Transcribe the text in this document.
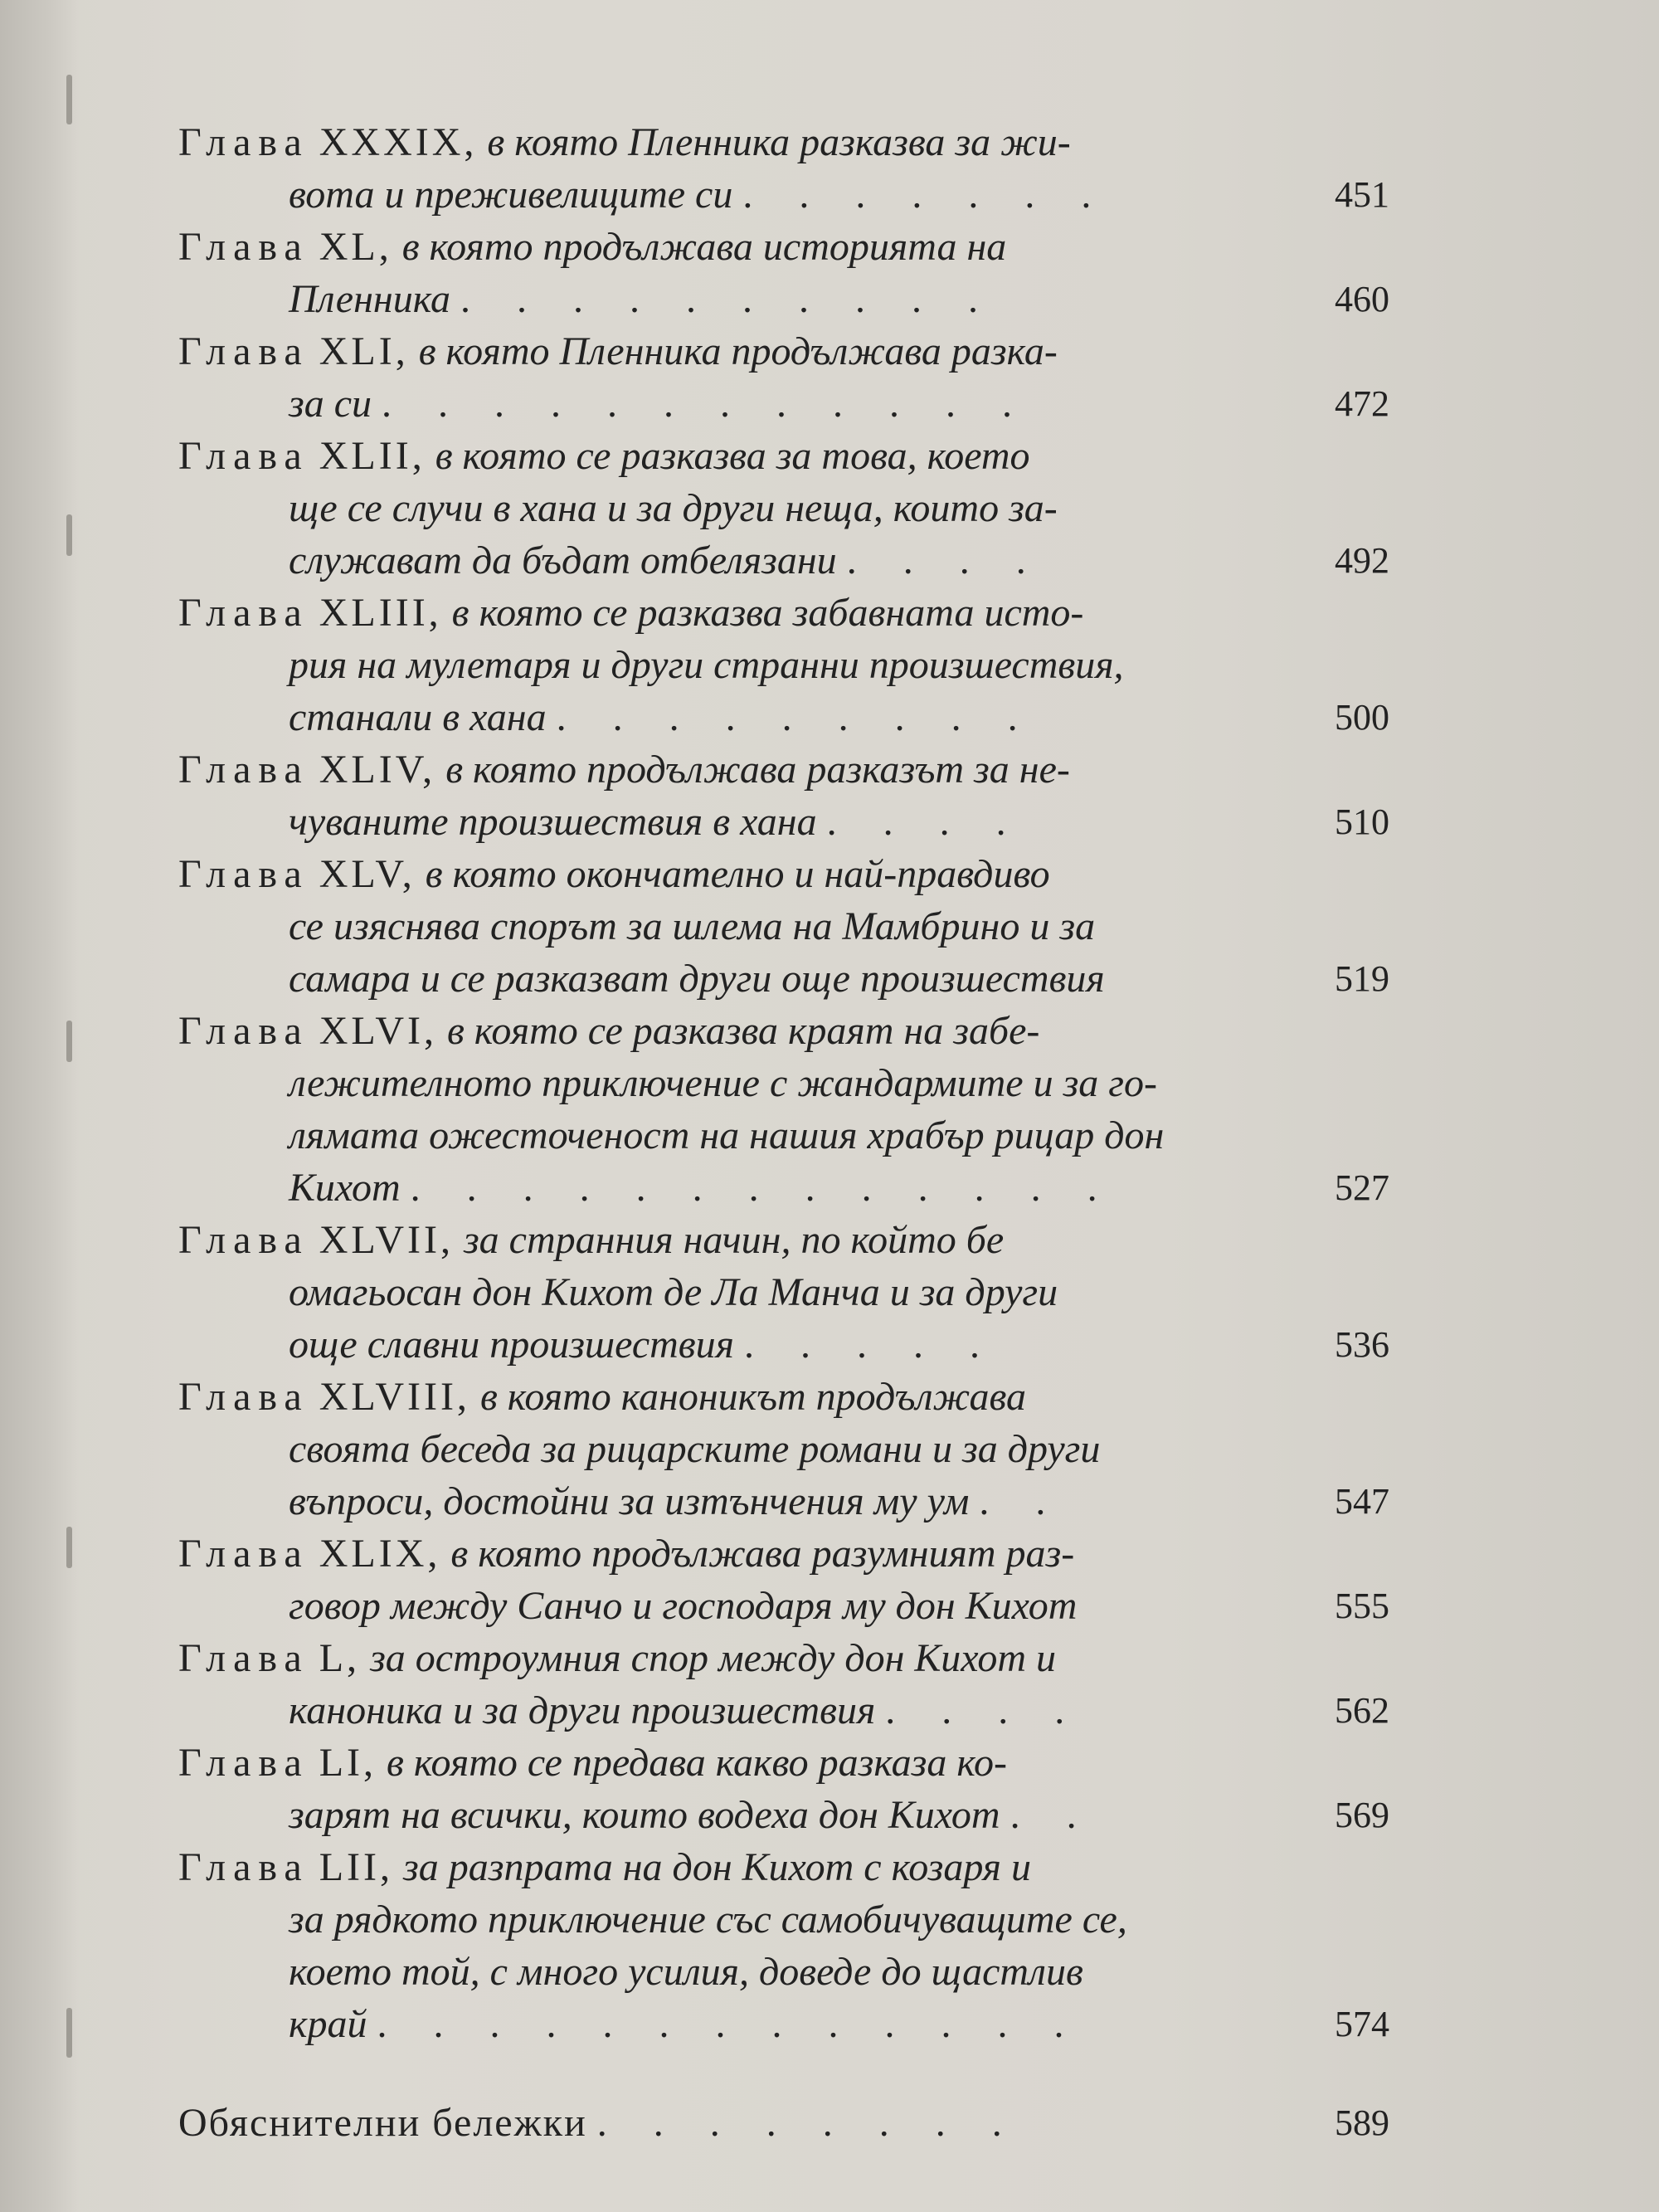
Глава XXXIX, в която Пленника разказва за жи-
вота и преживелиците си . . . . . . .	451
Глава XL, в която продължава историята на
Пленника . . . . . . . . . .	460
Глава XLI, в която Пленника продължава разка-
за си . . . . . . . . . . . .	472
Глава XLII, в която се разказва за това, което
ще се случи в хана и за други неща, които за-
служават да бъдат отбелязани . . . .	492
Глава XLIII, в която се разказва забавната исто-
рия на мулетаря и други странни произшествия,
станали в хана . . . . . . . . .	500
Глава XLIV, в която продължава разказът за не-
чуваните произшествия в хана . . . .	510
Глава XLV, в която окончателно и най-правдиво
се изяснява спорът за шлема на Мамбрино и за
самара и се разказват други още произшествия	519
Глава XLVI, в която се разказва краят на забе-
лежителното приключение с жандармите и за го-
лямата ожесточеност на нашия храбър рицар дон
Кихот . . . . . . . . . . . . .	527
Глава XLVII, за странния начин, по който бе
омагьосан дон Кихот де Ла Манча и за други
още славни произшествия . . . . .	536
Глава XLVIII, в която каноникът продължава
своята беседа за рицарските романи и за други
въпроси, достойни за изтънчения му ум . .	547
Глава XLIX, в която продължава разумният раз-
говор между Санчо и господаря му дон Кихот	555
Глава L, за остроумния спор между дон Кихот и
каноника и за други произшествия . . . .	562
Глава LI, в която се предава какво разказа ко-
зарят на всички, които водеха дон Кихот . .	569
Глава LII, за разпрата на дон Кихот с козаря и
за рядкото приключение със самобичуващите се,
което той, с много усилия, доведе до щастлив
край . . . . . . . . . . . . .	574
Обяснителни бележки . . . . . . . .	589
